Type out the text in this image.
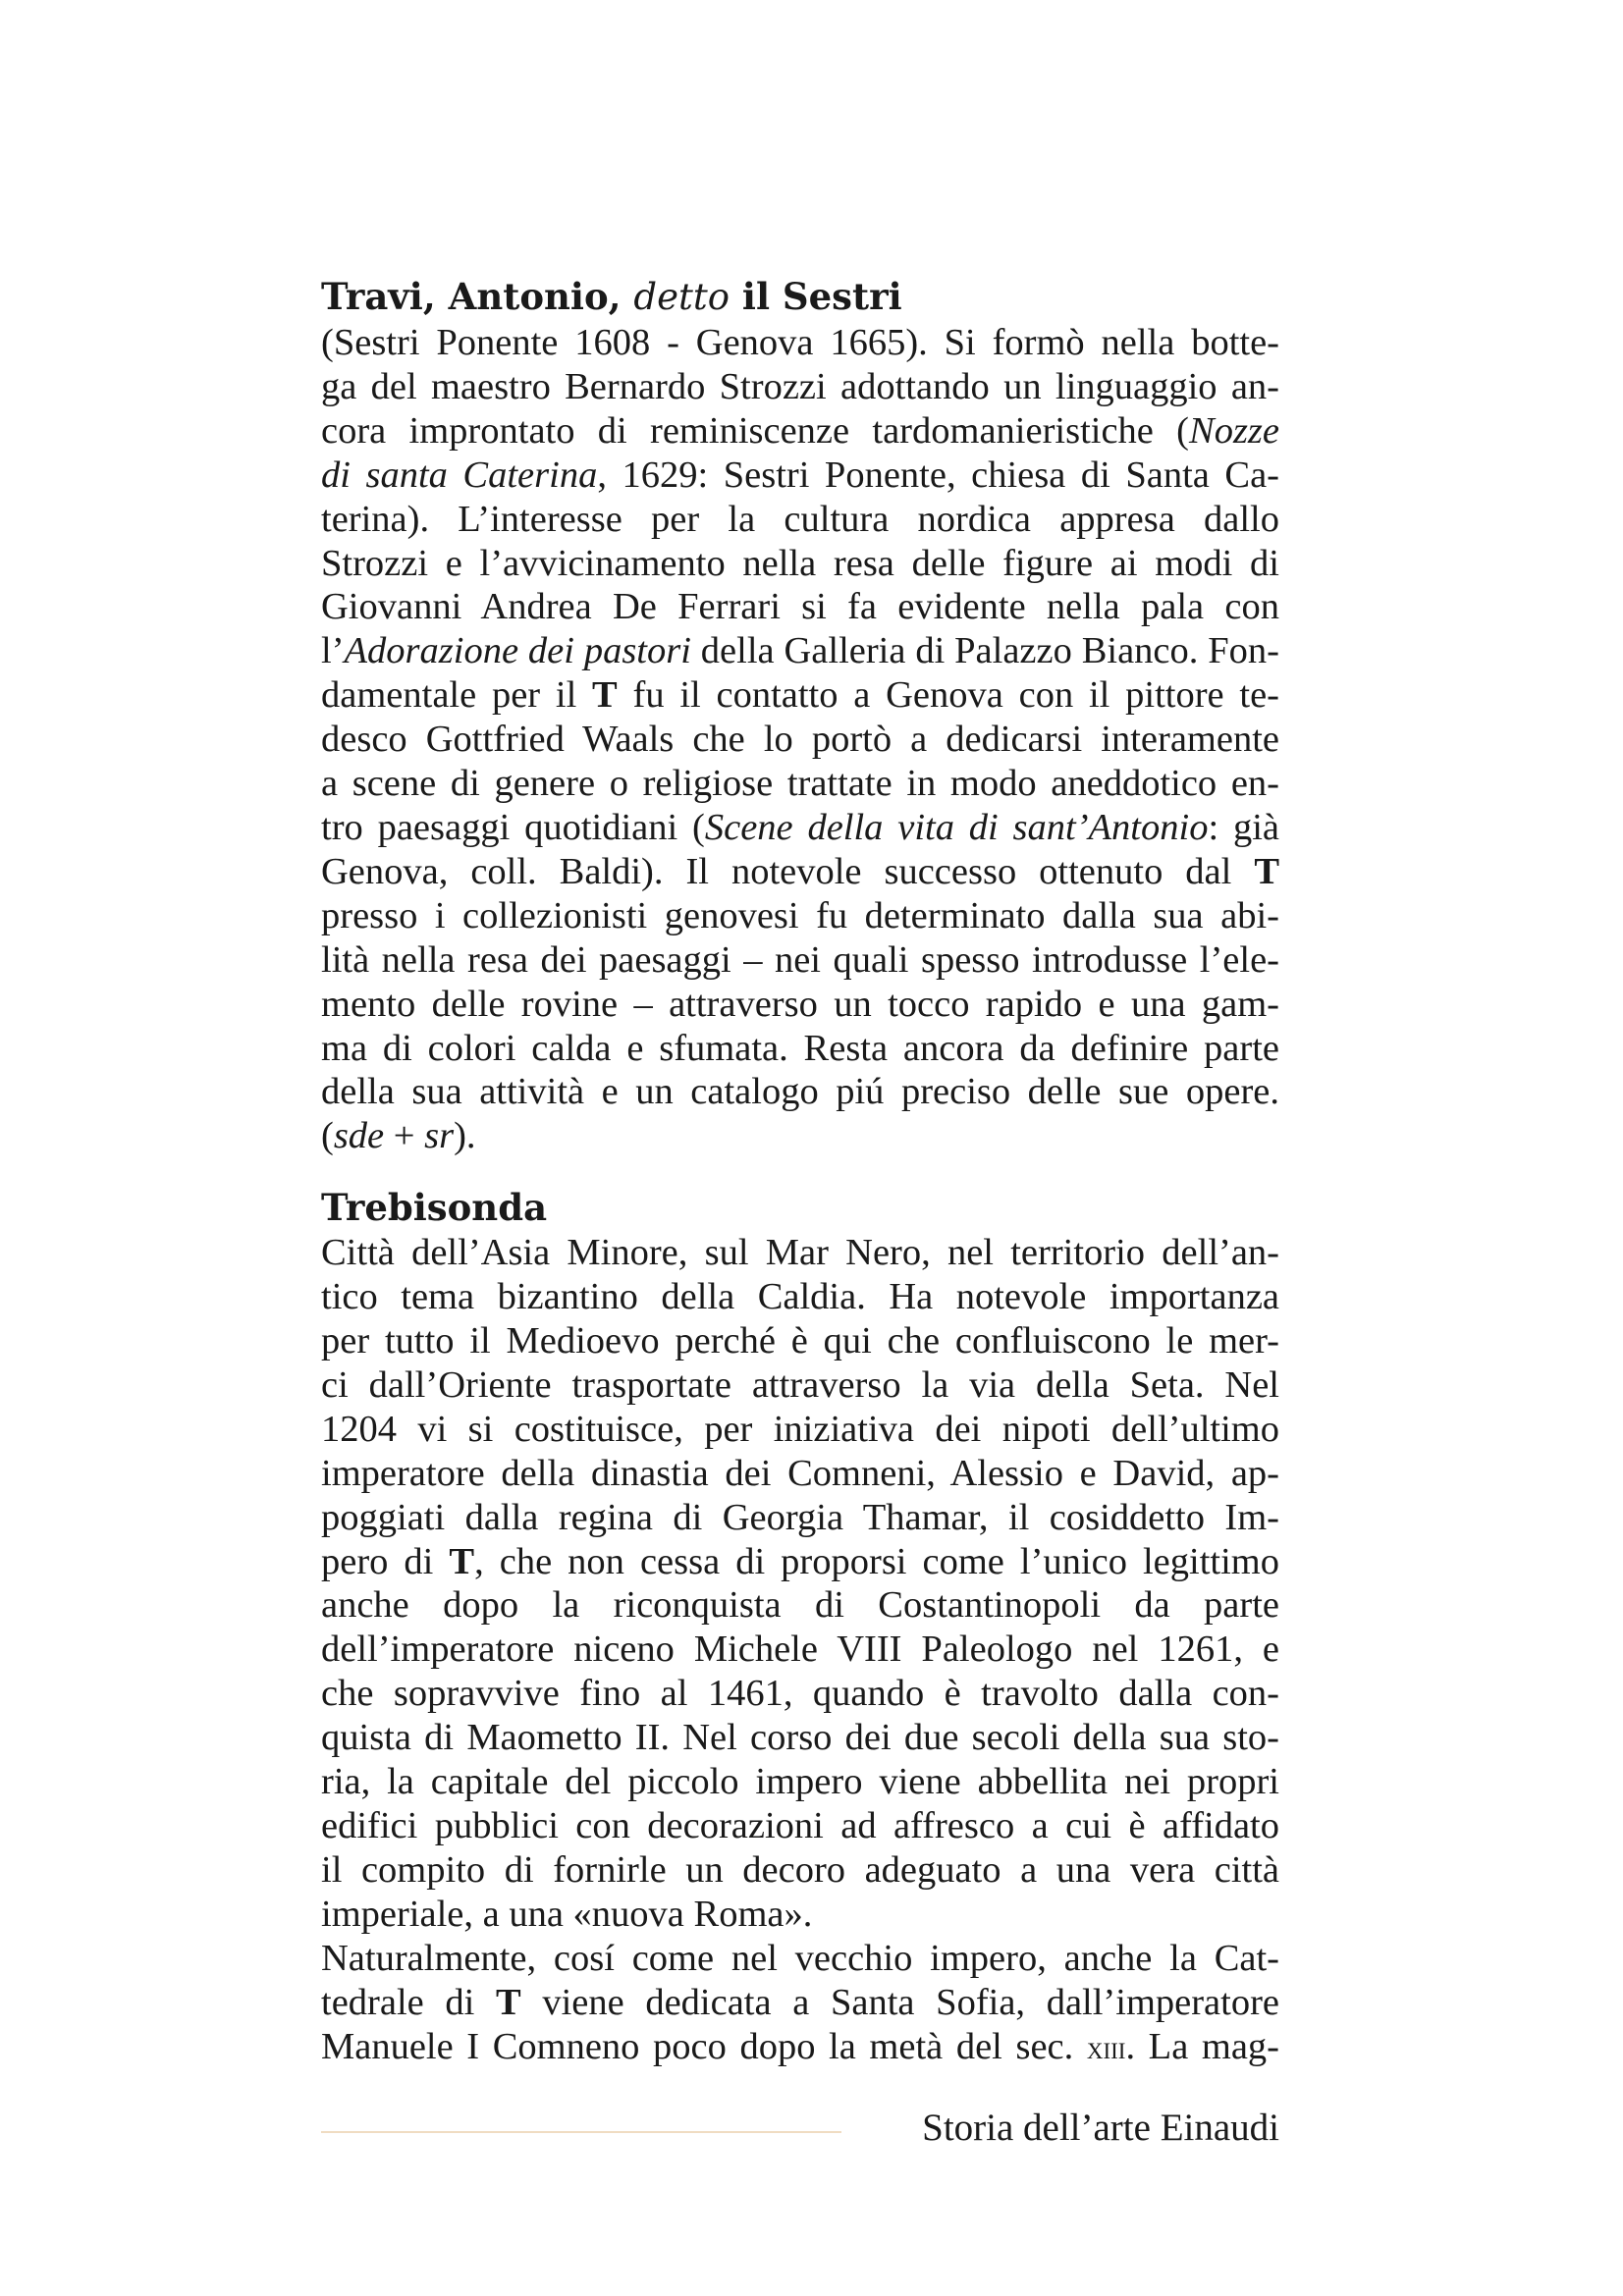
Travi, Antonio, detto il Sestri
(Sestri Ponente 1608 - Genova 1665). Si formò nella botte-
ga del maestro Bernardo Strozzi adottando un linguaggio an-
cora improntato di reminiscenze tardomanieristiche (Nozze
di santa Caterina, 1629: Sestri Ponente, chiesa di Santa Ca-
terina). L’interesse per la cultura nordica appresa dallo
Strozzi e l’avvicinamento nella resa delle figure ai modi di
Giovanni Andrea De Ferrari si fa evidente nella pala con
l’Adorazione dei pastori della Galleria di Palazzo Bianco. Fon-
damentale per il T fu il contatto a Genova con il pittore te-
desco Gottfried Waals che lo portò a dedicarsi interamente
a scene di genere o religiose trattate in modo aneddotico en-
tro paesaggi quotidiani (Scene della vita di sant’Antonio: già
Genova, coll. Baldi). Il notevole successo ottenuto dal T
presso i collezionisti genovesi fu determinato dalla sua abi-
lità nella resa dei paesaggi – nei quali spesso introdusse l’ele-
mento delle rovine – attraverso un tocco rapido e una gam-
ma di colori calda e sfumata. Resta ancora da definire parte
della sua attività e un catalogo piú preciso delle sue opere.
(sde + sr).
Trebisonda
Città dell’Asia Minore, sul Mar Nero, nel territorio dell’an-
tico tema bizantino della Caldia. Ha notevole importanza
per tutto il Medioevo perché è qui che confluiscono le mer-
ci dall’Oriente trasportate attraverso la via della Seta. Nel
1204 vi si costituisce, per iniziativa dei nipoti dell’ultimo
imperatore della dinastia dei Comneni, Alessio e David, ap-
poggiati dalla regina di Georgia Thamar, il cosiddetto Im-
pero di T, che non cessa di proporsi come l’unico legittimo
anche dopo la riconquista di Costantinopoli da parte
dell’imperatore niceno Michele VIII Paleologo nel 1261, e
che sopravvive fino al 1461, quando è travolto dalla con-
quista di Maometto II. Nel corso dei due secoli della sua sto-
ria, la capitale del piccolo impero viene abbellita nei propri
edifici pubblici con decorazioni ad affresco a cui è affidato
il compito di fornirle un decoro adeguato a una vera città
imperiale, a una «nuova Roma».
Naturalmente, cosí come nel vecchio impero, anche la Cat-
tedrale di T viene dedicata a Santa Sofia, dall’imperatore
Manuele I Comneno poco dopo la metà del sec. xiii. La mag-
Storia dell’arte Einaudi
